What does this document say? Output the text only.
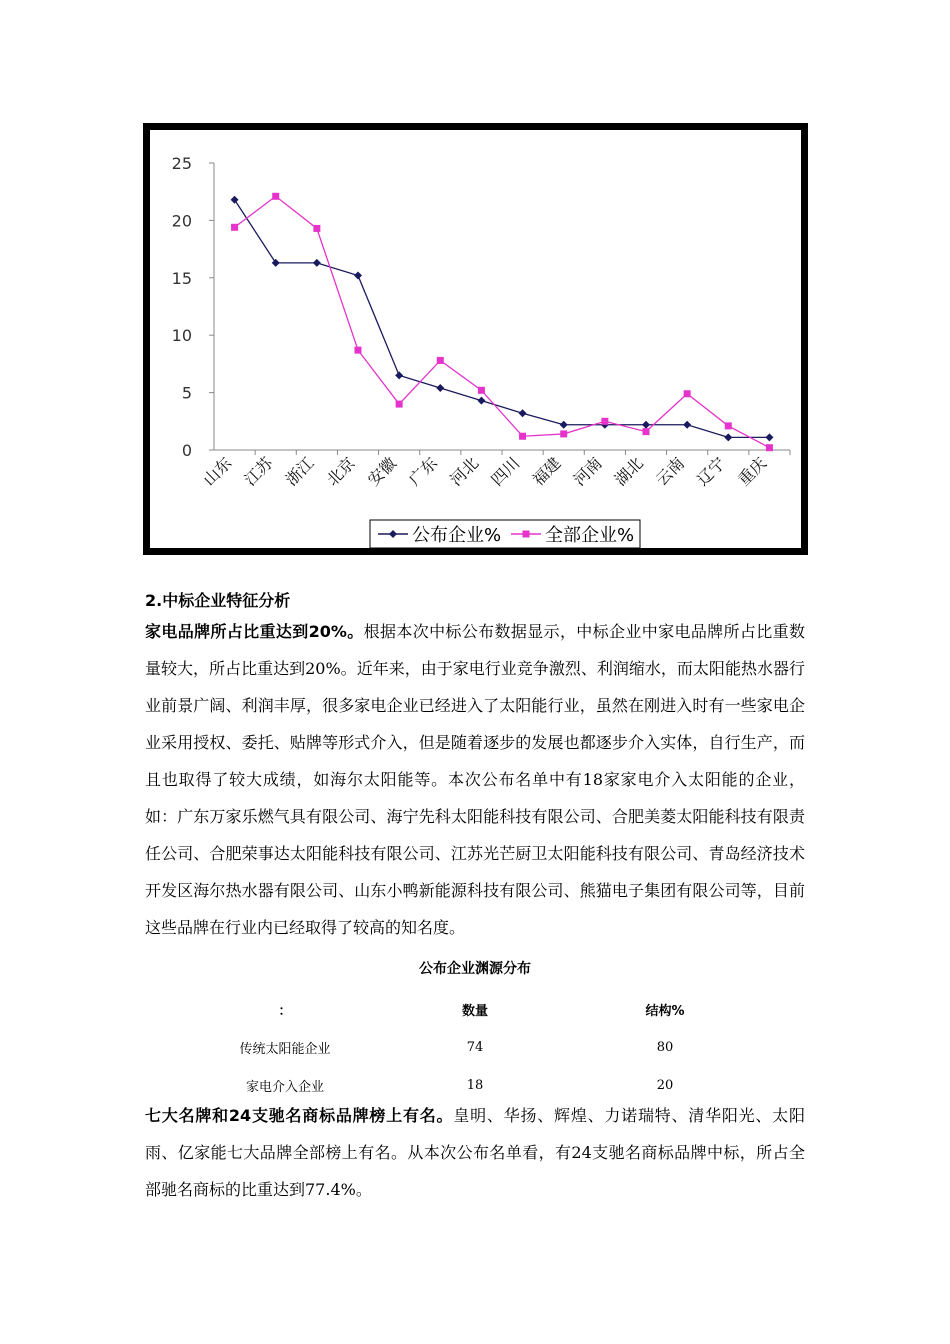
0
5
10
15
20
25
山东 江苏 浙江 北京 安徽 广东 河北 四川 福建 河南 湖北 云南 辽宁 重庆
公布企业% 全部企业%
2.中标企业特征分析
家电品牌所占比重达到20%。根据本次中标公布数据显示，中标企业中家电品牌所占比重数量较大，所占比重达到20%。近年来，由于家电行业竞争激烈、利润缩水，而太阳能热水器行业前景广阔、利润丰厚，很多家电企业已经进入了太阳能行业，虽然在刚进入时有一些家电企业采用授权、委托、贴牌等形式介入，但是随着逐步的发展也都逐步介入实体，自行生产，而且也取得了较大成绩，如海尔太阳能等。本次公布名单中有18家家电介入太阳能的企业，如：广东万家乐燃气具有限公司、海宁先科太阳能科技有限公司、合肥美菱太阳能科技有限责任公司、合肥荣事达太阳能科技有限公司、江苏光芒厨卫太阳能科技有限公司、青岛经济技术开发区海尔热水器有限公司、山东小鸭新能源科技有限公司、熊猫电子集团有限公司等，目前这些品牌在行业内已经取得了较高的知名度。
公布企业渊源分布
：	数量	结构%
传统太阳能企业	74	80
家电介入企业	18	20
七大名牌和24支驰名商标品牌榜上有名。皇明、华扬、辉煌、力诺瑞特、清华阳光、太阳雨、亿家能七大品牌全部榜上有名。从本次公布名单看，有24支驰名商标品牌中标，所占全部驰名商标的比重达到77.4%。
